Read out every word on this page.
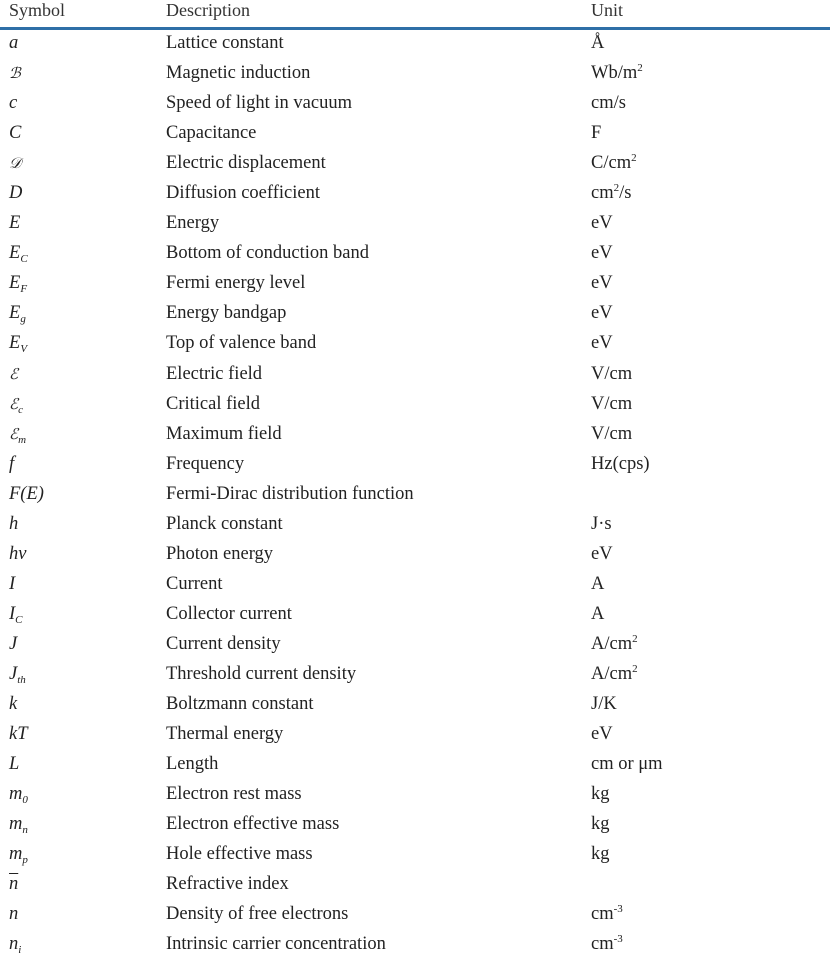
Symbol	Description	Unit
a	Lattice constant	Å
ℬ	Magnetic induction	$Wb/m^2$
c	Speed of light in vacuum	cm/s
C	Capacitance	F
𝒟	Electric displacement	$C/cm^2$
D	Diffusion coefficient	$cm^2/s$
E	Energy	eV
$E_C$	Bottom of conduction band	eV
$E_F$	Fermi energy level	eV
$E_g$	Energy bandgap	eV
$E_V$	Top of valence band	eV
ℰ	Electric field	V/cm
ℰ$_c$	Critical field	V/cm
ℰ$_m$	Maximum field	V/cm
f	Frequency	Hz(cps)
F(E)	Fermi-Dirac distribution function
h	Planck constant	J·s
hν	Photon energy	eV
I	Current	A
$I_C$	Collector current	A
J	Current density	$A/cm^2$
$J_{th}$	Threshold current density	$A/cm^2$
k	Boltzmann constant	J/K
kT	Thermal energy	eV
L	Length	cm or μm
$m_0$	Electron rest mass	kg
$m_n$	Electron effective mass	kg
$m_p$	Hole effective mass	kg
$\overline{n}$	Refractive index
n	Density of free electrons	$cm^{-3}$
$n_i$	Intrinsic carrier concentration	$cm^{-3}$
